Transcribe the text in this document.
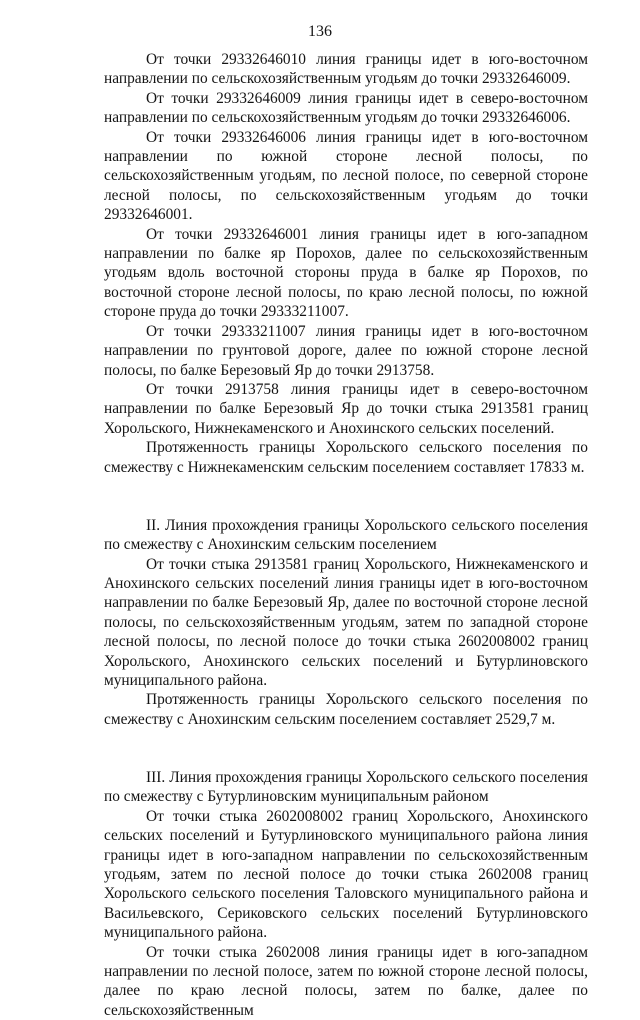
136

От точки 29332646010 линия границы идет в юго-восточном направлении по сельскохозяйственным угодьям до точки 29332646009.

От точки 29332646009 линия границы идет в северо-восточном направлении по сельскохозяйственным угодьям до точки 29332646006.

От точки 29332646006 линия границы идет в юго-восточном направлении по южной стороне лесной полосы, по сельскохозяйственным угодьям, по лесной полосе, по северной стороне лесной полосы, по сельскохозяйственным угодьям до точки 29332646001.

От точки 29332646001 линия границы идет в юго-западном направлении по балке яр Порохов, далее по сельскохозяйственным угодьям вдоль восточной стороны пруда в балке яр Порохов, по восточной стороне лесной полосы, по краю лесной полосы, по южной стороне пруда до точки 29333211007.

От точки 29333211007 линия границы идет в юго-восточном направлении по грунтовой дороге, далее по южной стороне лесной полосы, по балке Березовый Яр до точки 2913758.

От точки 2913758 линия границы идет в северо-восточном направлении по балке Березовый Яр до точки стыка 2913581 границ Хорольского, Нижнекаменского и Анохинского сельских поселений.

Протяженность границы Хорольского сельского поселения по смежеству с Нижнекаменским сельским поселением составляет 17833 м.

II. Линия прохождения границы Хорольского сельского поселения по смежеству с Анохинским сельским поселением

От точки стыка 2913581 границ Хорольского, Нижнекаменского и Анохинского сельских поселений линия границы идет в юго-восточном направлении по балке Березовый Яр, далее по восточной стороне лесной полосы, по сельскохозяйственным угодьям, затем по западной стороне лесной полосы, по лесной полосе до точки стыка 2602008002 границ Хорольского, Анохинского сельских поселений и Бутурлиновского муниципального района.

Протяженность границы Хорольского сельского поселения по смежеству с Анохинским сельским поселением составляет 2529,7 м.

III. Линия прохождения границы Хорольского сельского поселения по смежеству с Бутурлиновским муниципальным районом

От точки стыка 2602008002 границ Хорольского, Анохинского сельских поселений и Бутурлиновского муниципального района линия границы идет в юго-западном направлении по сельскохозяйственным угодьям, затем по лесной полосе до точки стыка 2602008 границ Хорольского сельского поселения Таловского муниципального района и Васильевского, Сериковского сельских поселений Бутурлиновского муниципального района.

От точки стыка 2602008 линия границы идет в юго-западном направлении по лесной полосе, затем по южной стороне лесной полосы, далее по краю лесной полосы, затем по балке, далее по сельскохозяйственным
